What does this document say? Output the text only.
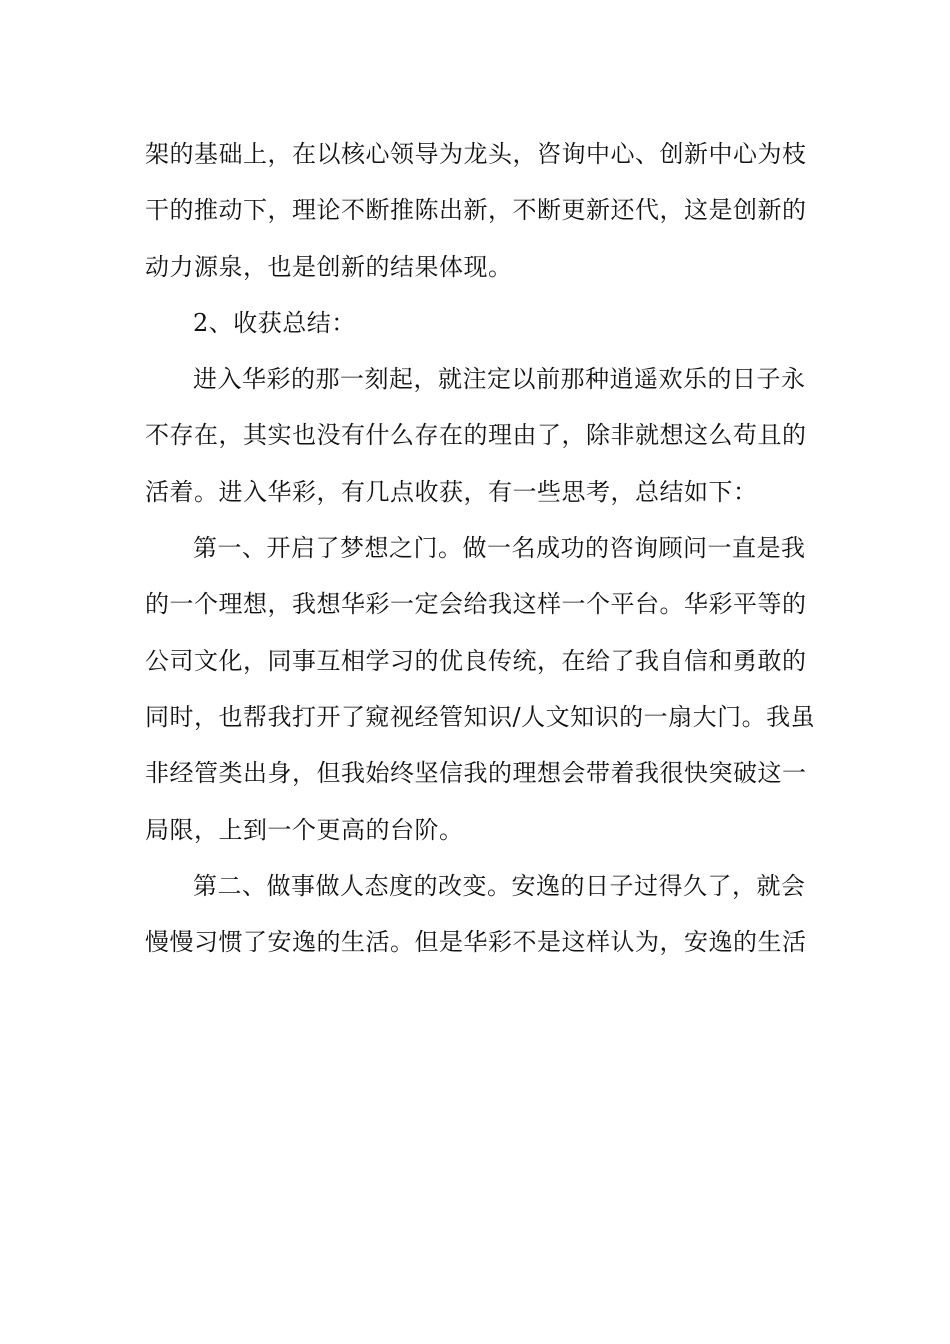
架的基础上，在以核心领导为龙头，咨询中心、创新中心为枝
干的推动下，理论不断推陈出新，不断更新还代，这是创新的
动力源泉，也是创新的结果体现。
2、收获总结：
进入华彩的那一刻起，就注定以前那种逍遥欢乐的日子永
不存在，其实也没有什么存在的理由了，除非就想这么苟且的
活着。进入华彩，有几点收获，有一些思考，总结如下：
第一、开启了梦想之门。做一名成功的咨询顾问一直是我
的一个理想，我想华彩一定会给我这样一个平台。华彩平等的
公司文化，同事互相学习的优良传统，在给了我自信和勇敢的
同时，也帮我打开了窥视经管知识/人文知识的一扇大门。我虽
非经管类出身，但我始终坚信我的理想会带着我很快突破这一
局限，上到一个更高的台阶。
第二、做事做人态度的改变。安逸的日子过得久了，就会
慢慢习惯了安逸的生活。但是华彩不是这样认为，安逸的生活
